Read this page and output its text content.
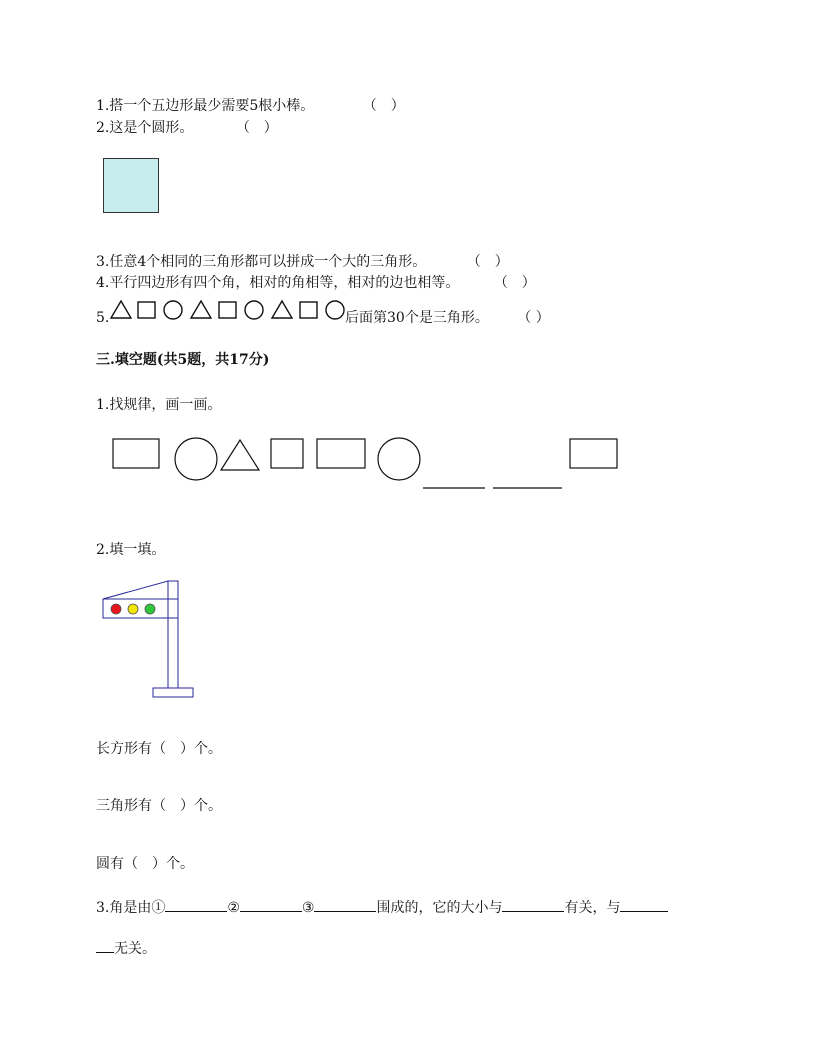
1.搭一个五边形最少需要5根小棒。	（　）
2.这是个圆形。	（　）
3.任意4个相同的三角形都可以拼成一个大的三角形。	（　）
4.平行四边形有四个角，相对的角相等，相对的边也相等。 （　）
5.	后面第30个是三角形。 （ ）
三.填空题(共5题，共17分)
1.找规律，画一画。
2.填一填。
长方形有（　）个。
三角形有（　）个。
圆有（　）个。
3.角是由①	②	③	围成的，它的大小与	有关，与
无关。
